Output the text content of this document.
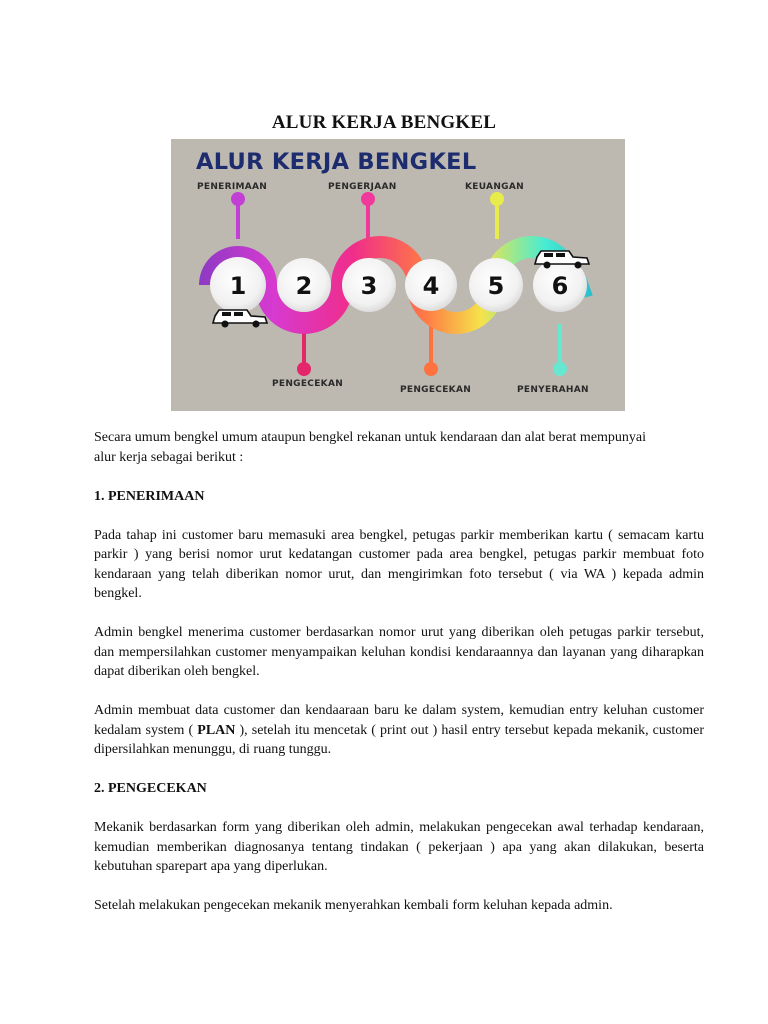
ALUR KERJA BENGKEL
ALUR KERJA BENGKEL
PENERIMAAN	PENGERJAAN	KEUANGAN
1 2 3 4 5 6
PENGECEKAN
PENGECEKAN	PENYERAHAN

Secara umum bengkel umum ataupun bengkel rekanan untuk kendaraan dan alat berat mempunyai

alur kerja sebagai berikut :

1. PENERIMAAN

Pada tahap ini customer baru memasuki area bengkel, petugas parkir memberikan kartu ( semacam kartu parkir ) yang berisi nomor urut kedatangan customer pada area bengkel, petugas parkir membuat foto kendaraan yang telah diberikan nomor urut, dan mengirimkan foto tersebut ( via WA ) kepada admin bengkel.

Admin bengkel menerima customer berdasarkan nomor urut yang diberikan oleh petugas parkir tersebut, dan mempersilahkan customer menyampaikan keluhan kondisi kendaraannya dan layanan yang diharapkan dapat diberikan oleh bengkel.

Admin membuat data customer dan kendaaraan baru ke dalam system, kemudian entry keluhan customer kedalam system ( PLAN ), setelah itu mencetak ( print out ) hasil entry tersebut kepada mekanik, customer dipersilahkan menunggu, di ruang tunggu.

2. PENGECEKAN

Mekanik berdasarkan form yang diberikan oleh admin, melakukan pengecekan awal terhadap kendaraan, kemudian memberikan diagnosanya tentang tindakan ( pekerjaan ) apa yang akan dilakukan, beserta kebutuhan sparepart apa yang diperlukan.

Setelah melakukan pengecekan mekanik menyerahkan kembali form keluhan kepada admin.
